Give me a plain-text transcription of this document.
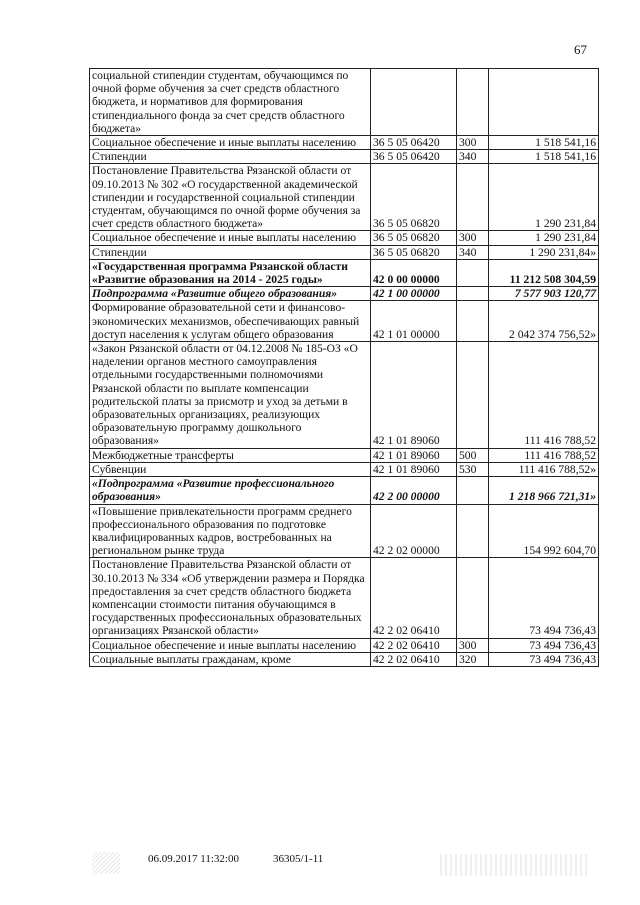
67
социальной стипендии студентам, обучающимся по очной форме обучения за счет средств областного бюджета, и нормативов для формирования стипендиального фонда за счет средств областного бюджета»			
Социальное обеспечение и иные выплаты населению	36 5 05 06420	300	1 518 541,16
Стипендии	36 5 05 06420	340	1 518 541,16
Постановление Правительства Рязанской области от 09.10.2013 № 302 «О государственной академической стипендии и государственной социальной стипендии студентам, обучающимся по очной форме обучения за счет средств областного бюджета»	36 5 05 06820		1 290 231,84
Социальное обеспечение и иные выплаты населению	36 5 05 06820	300	1 290 231,84
Стипендии	36 5 05 06820	340	1 290 231,84»
«Государственная программа Рязанской области «Развитие образования на 2014 - 2025 годы»	42 0 00 00000		11 212 508 304,59
Подпрограмма «Развитие общего образования»	42 1 00 00000		7 577 903 120,77
Формирование образовательной сети и финансово-экономических механизмов, обеспечивающих равный доступ населения к услугам общего образования	42 1 01 00000		2 042 374 756,52»
«Закон Рязанской области от 04.12.2008 № 185-ОЗ «О наделении органов местного самоуправления отдельными государственными полномочиями Рязанской области по выплате компенсации родительской платы за присмотр и уход за детьми в образовательных организациях, реализующих образовательную программу дошкольного образования»	42 1 01 89060		111 416 788,52
Межбюджетные трансферты	42 1 01 89060	500	111 416 788,52
Субвенции	42 1 01 89060	530	111 416 788,52»
«Подпрограмма «Развитие профессионального образования»	42 2 00 00000		1 218 966 721,31»
«Повышение привлекательности программ среднего профессионального образования по подготовке квалифицированных кадров, востребованных на региональном рынке труда	42 2 02 00000		154 992 604,70
Постановление Правительства Рязанской области от 30.10.2013 № 334 «Об утверждении размера и Порядка предоставления за счет средств областного бюджета компенсации стоимости питания обучающимся в государственных профессиональных образовательных организациях Рязанской области»	42 2 02 06410		73 494 736,43
Социальное обеспечение и иные выплаты населению	42 2 02 06410	300	73 494 736,43
Социальные выплаты гражданам, кроме	42 2 02 06410	320	73 494 736,43
06.09.2017 11:32:00	36305/1-11
